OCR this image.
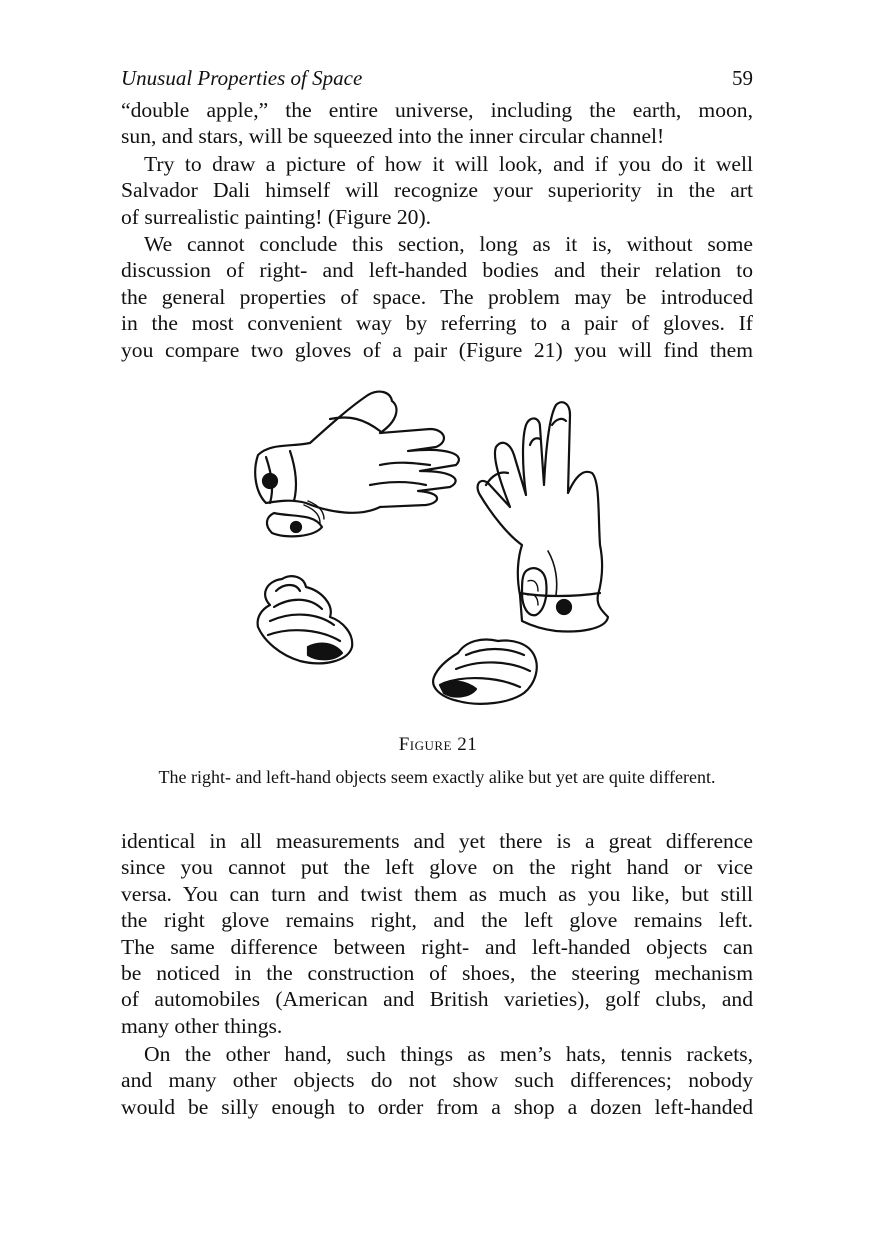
Unusual Properties of Space	59
“double apple,” the entire universe, including the earth, moon,
sun, and stars, will be squeezed into the inner circular channel!
Try to draw a picture of how it will look, and if you do it well
Salvador Dali himself will recognize your superiority in the art
of surrealistic painting! (Figure 20).
We cannot conclude this section, long as it is, without some
discussion of right- and left-handed bodies and their relation to
the general properties of space. The problem may be introduced
in the most convenient way by referring to a pair of gloves. If
you compare two gloves of a pair (Figure 21) you will find them
Figure 21
The right- and left-hand objects seem exactly alike but yet are quite different.
identical in all measurements and yet there is a great difference
since you cannot put the left glove on the right hand or vice
versa. You can turn and twist them as much as you like, but still
the right glove remains right, and the left glove remains left.
The same difference between right- and left-handed objects can
be noticed in the construction of shoes, the steering mechanism
of automobiles (American and British varieties), golf clubs, and
many other things.
On the other hand, such things as men’s hats, tennis rackets,
and many other objects do not show such differences; nobody
would be silly enough to order from a shop a dozen left-handed
